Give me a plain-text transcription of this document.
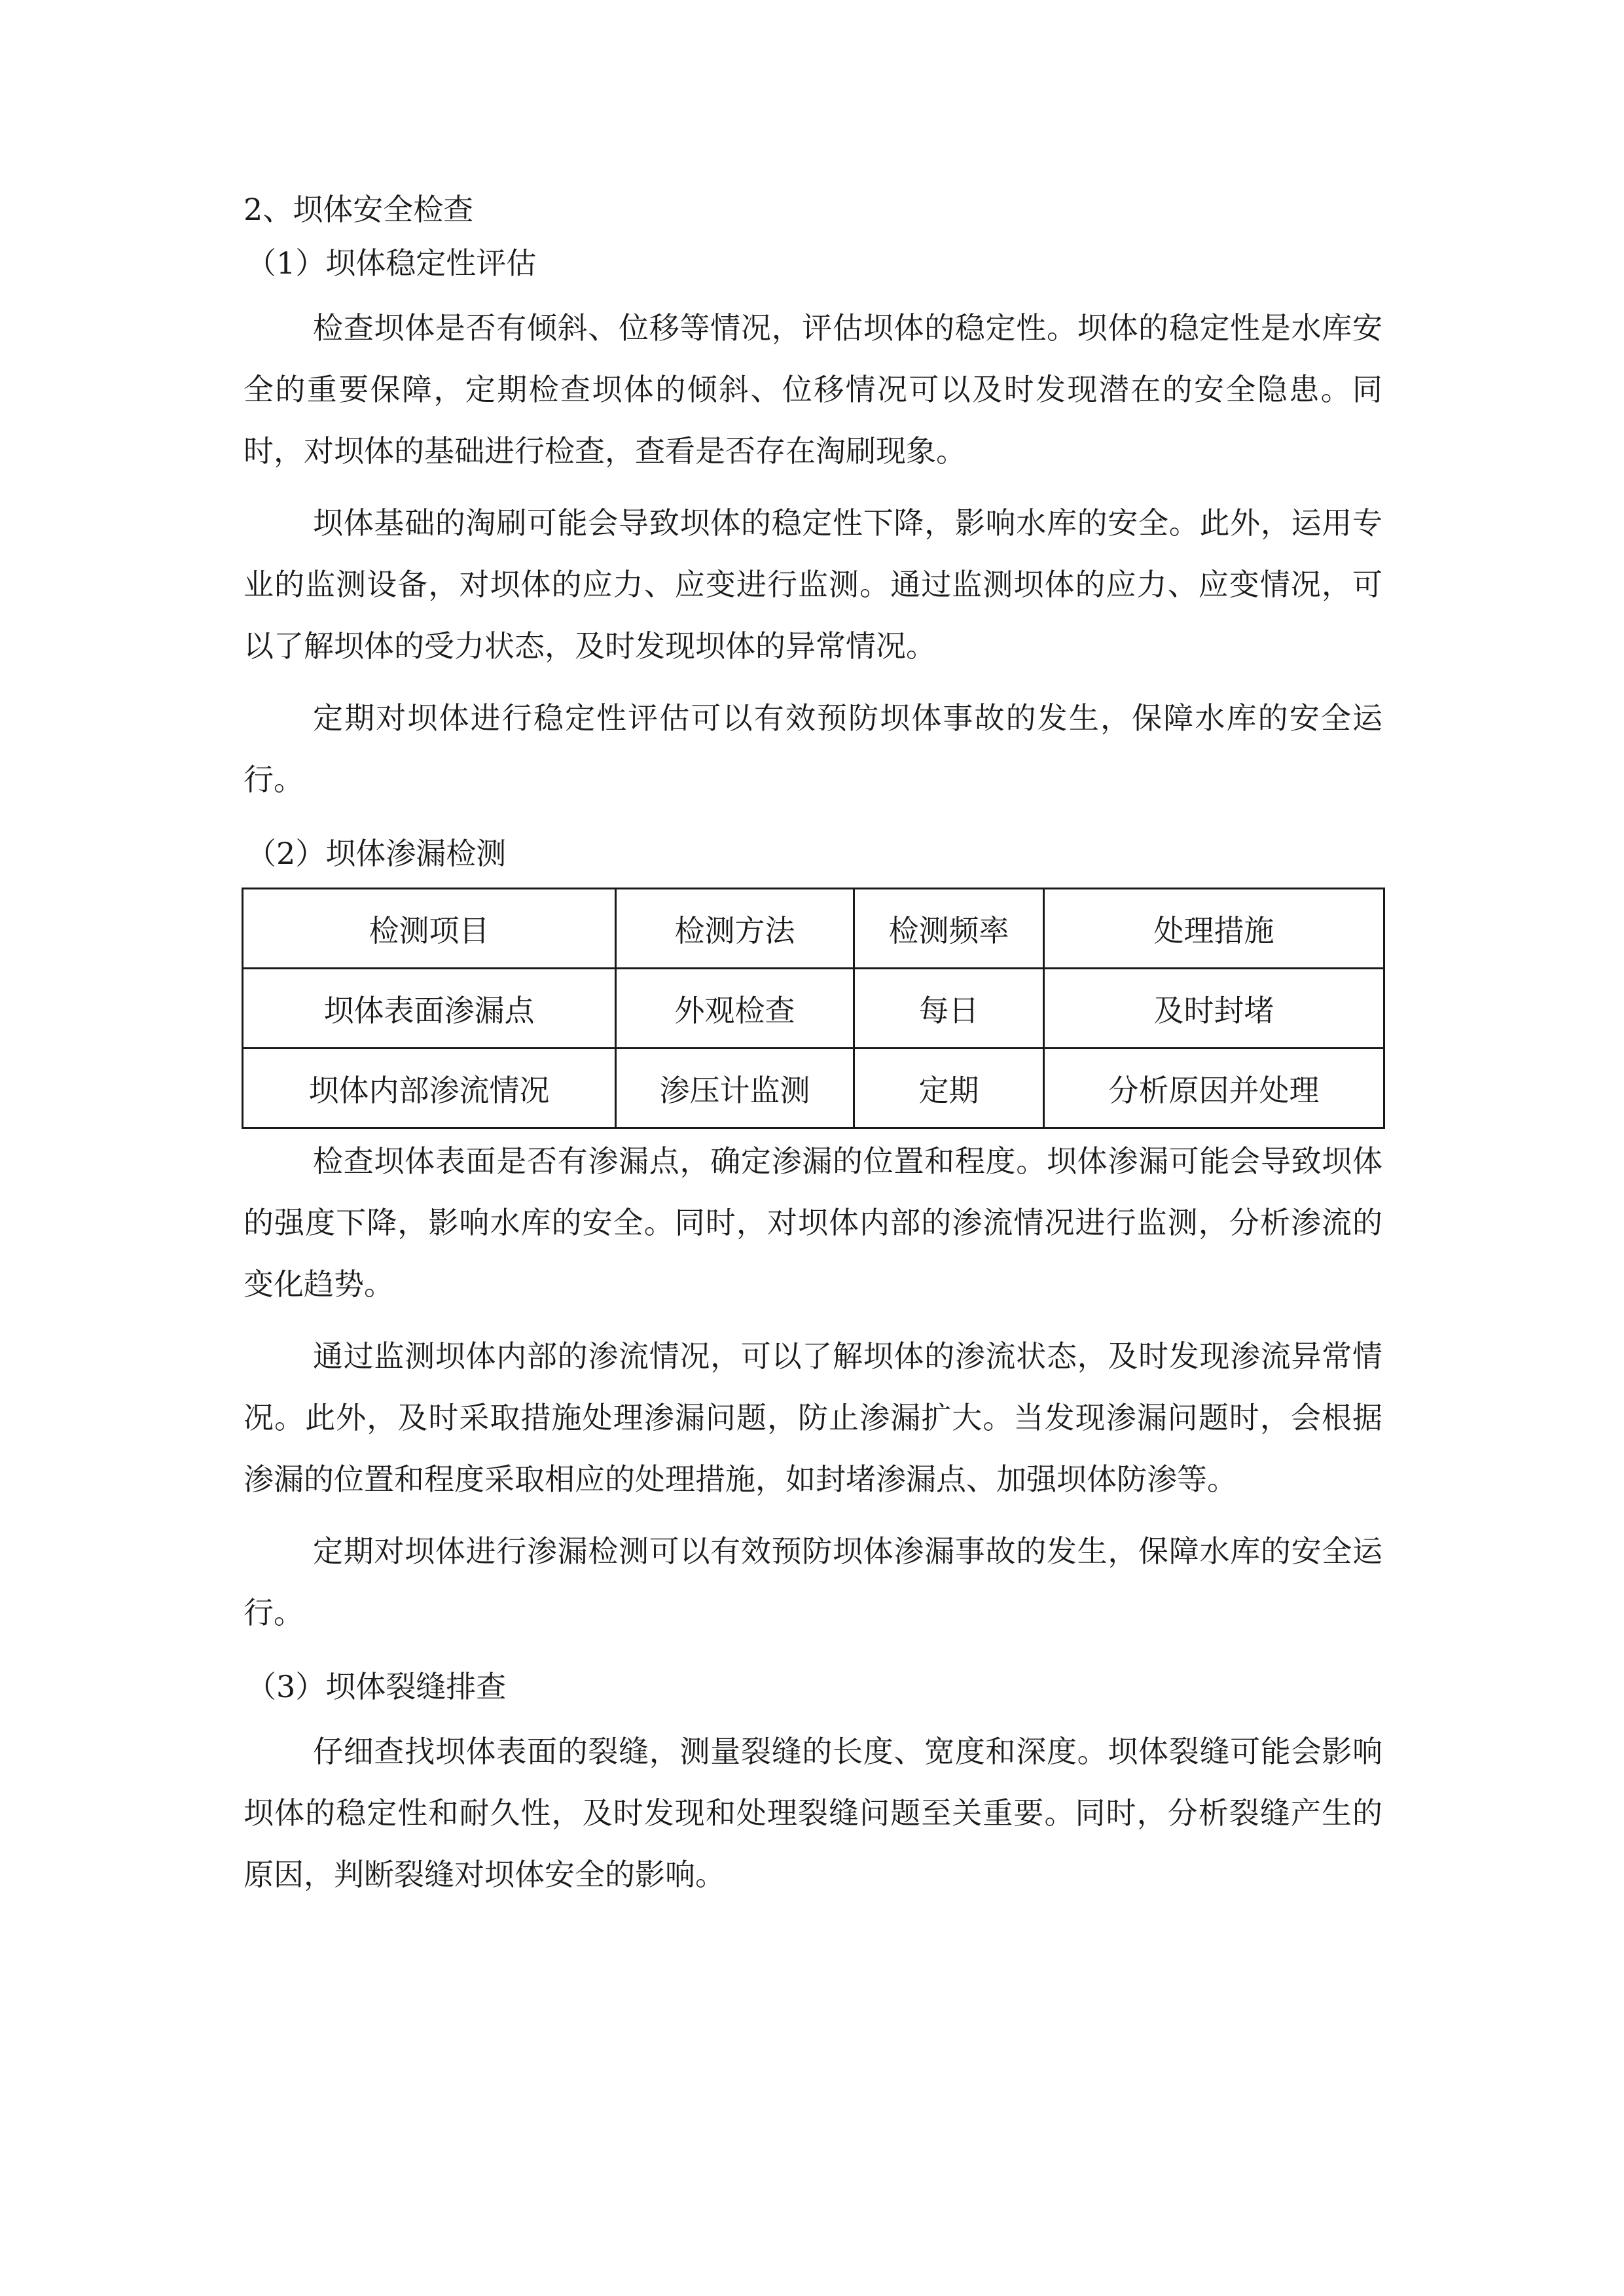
2、坝体安全检查

（1）坝体稳定性评估

检查坝体是否有倾斜、位移等情况，评估坝体的稳定性。坝体的稳定性是水库安全的重要保障，定期检查坝体的倾斜、位移情况可以及时发现潜在的安全隐患。同时，对坝体的基础进行检查，查看是否存在淘刷现象。

坝体基础的淘刷可能会导致坝体的稳定性下降，影响水库的安全。此外，运用专业的监测设备，对坝体的应力、应变进行监测。通过监测坝体的应力、应变情况，可以了解坝体的受力状态，及时发现坝体的异常情况。

定期对坝体进行稳定性评估可以有效预防坝体事故的发生，保障水库的安全运行。

（2）坝体渗漏检测

检测项目	检测方法	检测频率	处理措施
坝体表面渗漏点	外观检查	每日	及时封堵
坝体内部渗流情况	渗压计监测	定期	分析原因并处理

检查坝体表面是否有渗漏点，确定渗漏的位置和程度。坝体渗漏可能会导致坝体的强度下降，影响水库的安全。同时，对坝体内部的渗流情况进行监测，分析渗流的变化趋势。

通过监测坝体内部的渗流情况，可以了解坝体的渗流状态，及时发现渗流异常情况。此外，及时采取措施处理渗漏问题，防止渗漏扩大。当发现渗漏问题时，会根据渗漏的位置和程度采取相应的处理措施，如封堵渗漏点、加强坝体防渗等。

定期对坝体进行渗漏检测可以有效预防坝体渗漏事故的发生，保障水库的安全运行。

（3）坝体裂缝排查

仔细查找坝体表面的裂缝，测量裂缝的长度、宽度和深度。坝体裂缝可能会影响坝体的稳定性和耐久性，及时发现和处理裂缝问题至关重要。同时，分析裂缝产生的原因，判断裂缝对坝体安全的影响。
